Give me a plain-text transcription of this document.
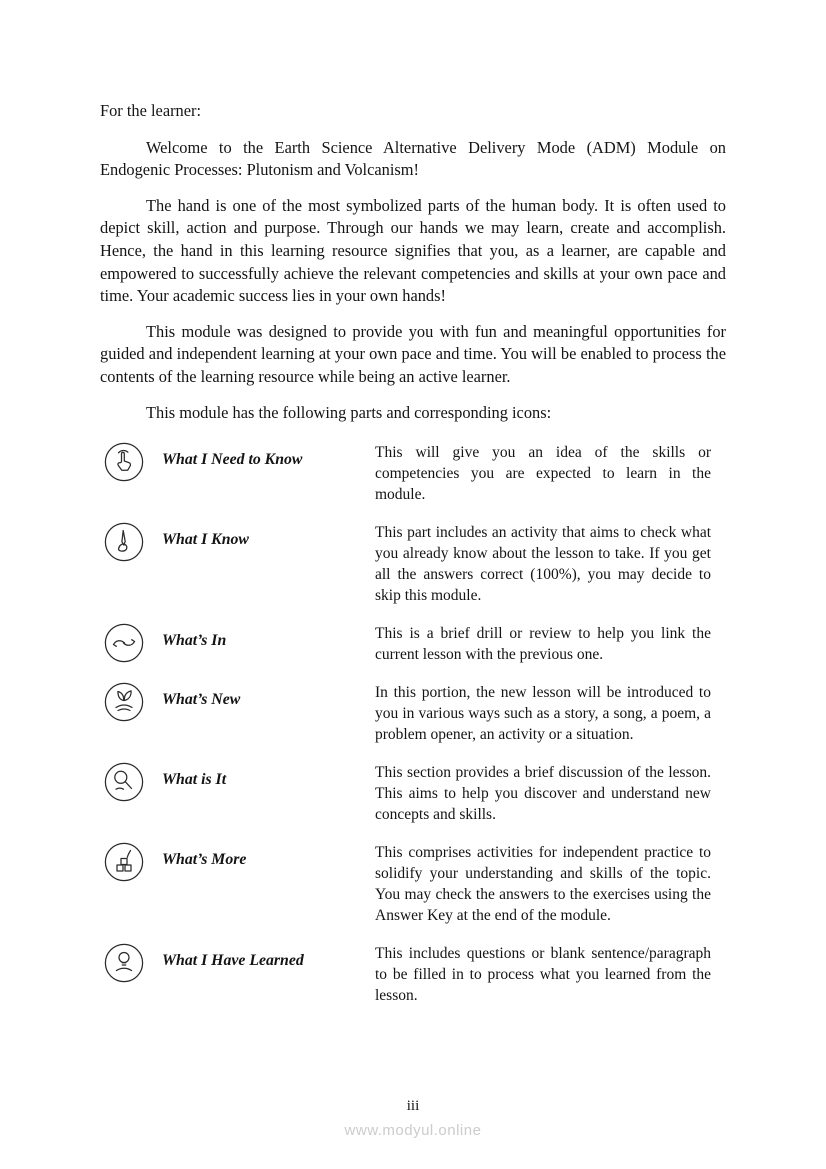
For the learner:

Welcome to the Earth Science Alternative Delivery Mode (ADM) Module on Endogenic Processes: Plutonism and Volcanism!

The hand is one of the most symbolized parts of the human body. It is often used to depict skill, action and purpose. Through our hands we may learn, create and accomplish. Hence, the hand in this learning resource signifies that you, as a learner, are capable and empowered to successfully achieve the relevant competencies and skills at your own pace and time. Your academic success lies in your own hands!

This module was designed to provide you with fun and meaningful opportunities for guided and independent learning at your own pace and time. You will be enabled to process the contents of the learning resource while being an active learner.

This module has the following parts and corresponding icons:

What I Need to Know	This will give you an idea of the skills or competencies you are expected to learn in the module.
What I Know	This part includes an activity that aims to check what you already know about the lesson to take. If you get all the answers correct (100%), you may decide to skip this module.
What’s In	This is a brief drill or review to help you link the current lesson with the previous one.
What’s New	In this portion, the new lesson will be introduced to you in various ways such as a story, a song, a poem, a problem opener, an activity or a situation.
What is It	This section provides a brief discussion of the lesson. This aims to help you discover and understand new concepts and skills.
What’s More	This comprises activities for independent practice to solidify your understanding and skills of the topic. You may check the answers to the exercises using the Answer Key at the end of the module.
What I Have Learned	This includes questions or blank sentence/paragraph to be filled in to process what you learned from the lesson.
iii
www.modyul.online
